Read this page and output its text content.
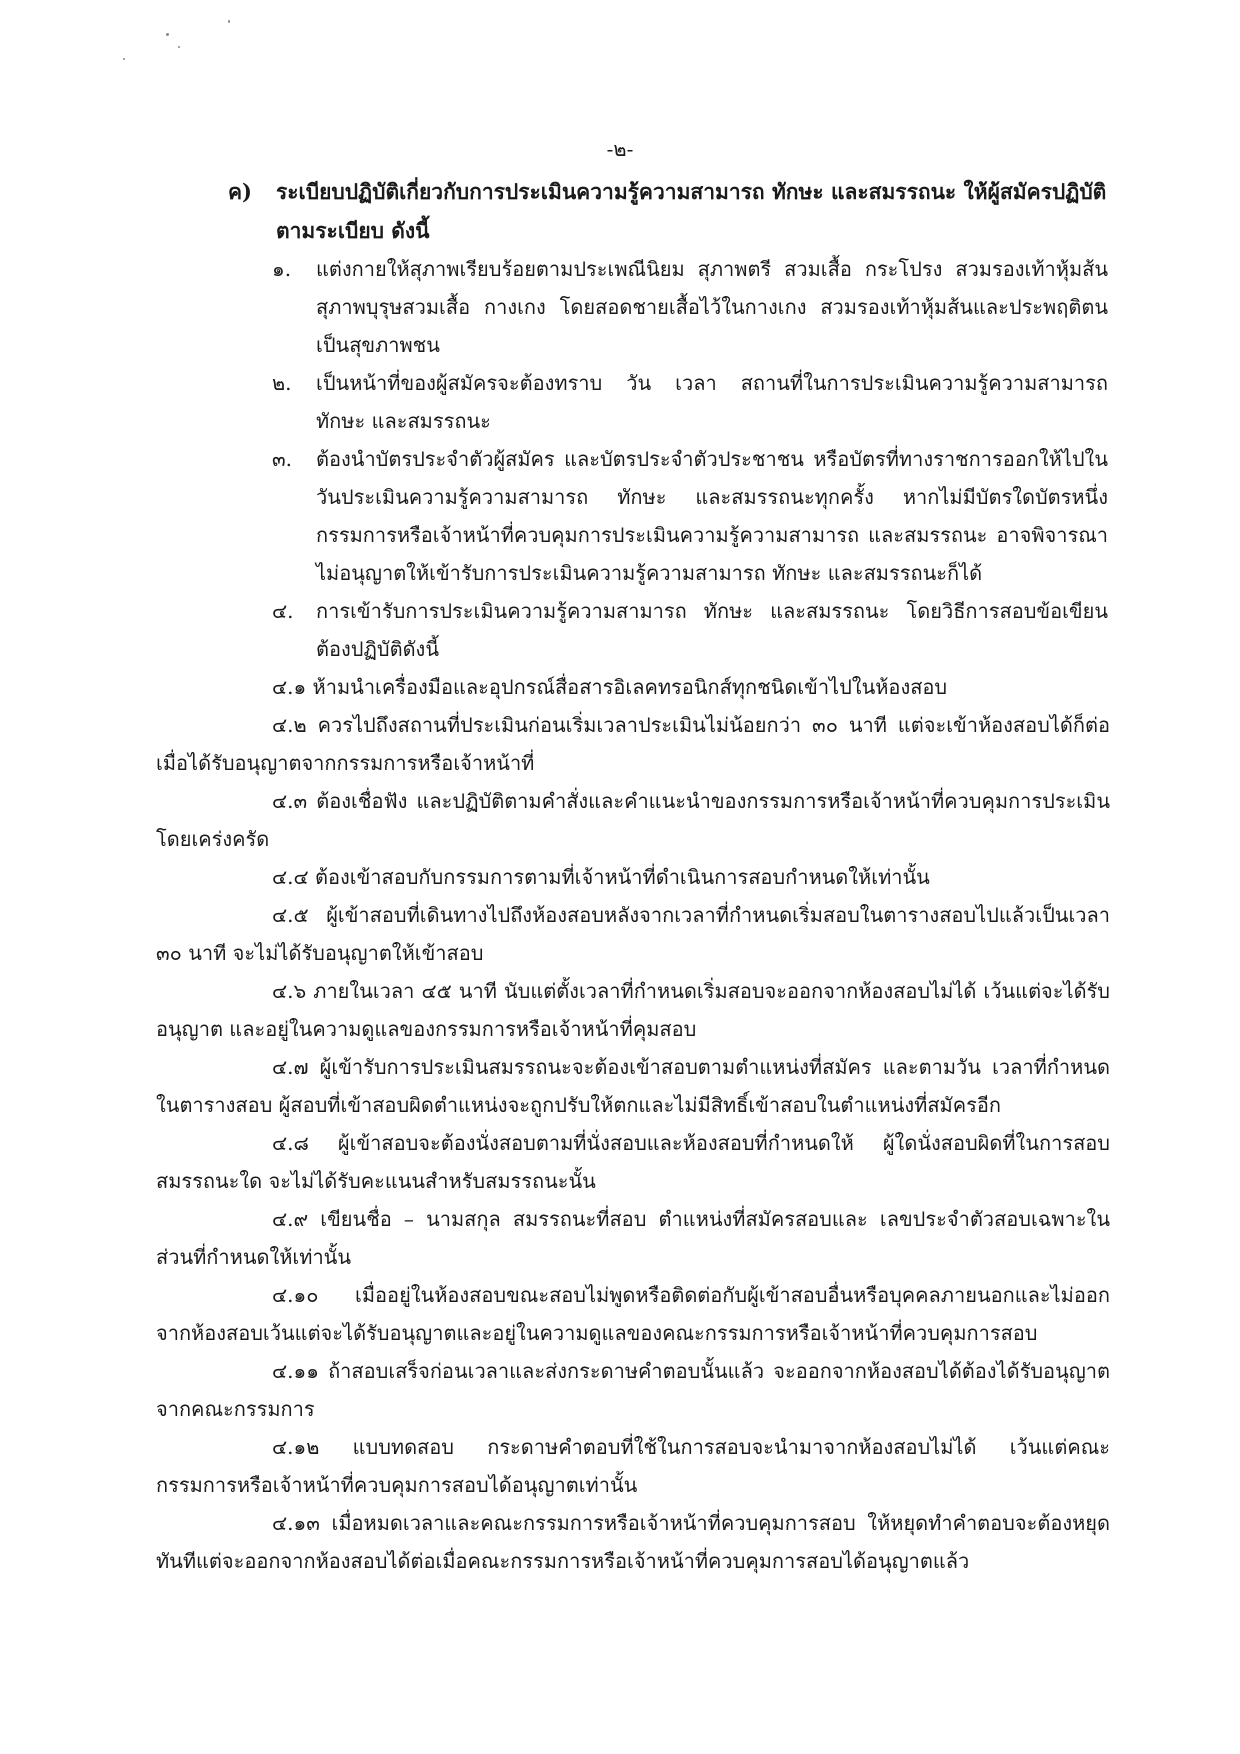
-๒-
ค) ระเบียบปฏิบัติเกี่ยวกับการประเมินความรู้ความสามารถ ทักษะ และสมรรถนะ ให้ผู้สมัครปฏิบัติตามระเบียบ ดังนี้
๑. แต่งกายให้สุภาพเรียบร้อยตามประเพณีนิยม สุภาพตรี สวมเสื้อ กระโปรง สวมรองเท้าหุ้มส้น สุภาพบุรุษสวมเสื้อ กางเกง โดยสอดชายเสื้อไว้ในกางเกง สวมรองเท้าหุ้มส้นและประพฤติตนเป็นสุขภาพชน
๒. เป็นหน้าที่ของผู้สมัครจะต้องทราบ วัน เวลา สถานที่ในการประเมินความรู้ความสามารถ ทักษะ และสมรรถนะ
๓. ต้องนำบัตรประจำตัวผู้สมัคร และบัตรประจำตัวประชาชน หรือบัตรที่ทางราชการออกให้ไปในวันประเมินความรู้ความสามารถ ทักษะ และสมรรถนะทุกครั้ง หากไม่มีบัตรใดบัตรหนึ่ง กรรมการหรือเจ้าหน้าที่ควบคุมการประเมินความรู้ความสามารถ และสมรรถนะ อาจพิจารณาไม่อนุญาตให้เข้ารับการประเมินความรู้ความสามารถ ทักษะ และสมรรถนะก็ได้
๔. การเข้ารับการประเมินความรู้ความสามารถ ทักษะ และสมรรถนะ โดยวิธีการสอบข้อเขียน ต้องปฏิบัติดังนี้
๔.๑ ห้ามนำเครื่องมือและอุปกรณ์สื่อสารอิเลคทรอนิกส์ทุกชนิดเข้าไปในห้องสอบ
๔.๒ ควรไปถึงสถานที่ประเมินก่อนเริ่มเวลาประเมินไม่น้อยกว่า ๓๐ นาที แต่จะเข้าห้องสอบได้ก็ต่อเมื่อได้รับอนุญาตจากกรรมการหรือเจ้าหน้าที่
๔.๓ ต้องเชื่อฟัง และปฏิบัติตามคำสั่งและคำแนะนำของกรรมการหรือเจ้าหน้าที่ควบคุมการประเมินโดยเคร่งครัด
๔.๔ ต้องเข้าสอบกับกรรมการตามที่เจ้าหน้าที่ดำเนินการสอบกำหนดให้เท่านั้น
๔.๕ ผู้เข้าสอบที่เดินทางไปถึงห้องสอบหลังจากเวลาที่กำหนดเริ่มสอบในตารางสอบไปแล้วเป็นเวลา ๓๐ นาที จะไม่ได้รับอนุญาตให้เข้าสอบ
๔.๖ ภายในเวลา ๔๕ นาที นับแต่ตั้งเวลาที่กำหนดเริ่มสอบจะออกจากห้องสอบไม่ได้ เว้นแต่จะได้รับอนุญาต และอยู่ในความดูแลของกรรมการหรือเจ้าหน้าที่คุมสอบ
๔.๗ ผู้เข้ารับการประเมินสมรรถนะจะต้องเข้าสอบตามตำแหน่งที่สมัคร และตามวัน เวลาที่กำหนดในตารางสอบ ผู้สอบที่เข้าสอบผิดตำแหน่งจะถูกปรับให้ตกและไม่มีสิทธิ์เข้าสอบในตำแหน่งที่สมัครอีก
๔.๘ ผู้เข้าสอบจะต้องนั่งสอบตามที่นั่งสอบและห้องสอบที่กำหนดให้ ผู้ใดนั่งสอบผิดที่ในการสอบสมรรถนะใด จะไม่ได้รับคะแนนสำหรับสมรรถนะนั้น
๔.๙ เขียนชื่อ – นามสกุล สมรรถนะที่สอบ ตำแหน่งที่สมัครสอบและ เลขประจำตัวสอบเฉพาะในส่วนที่กำหนดให้เท่านั้น
๔.๑๐ เมื่ออยู่ในห้องสอบขณะสอบไม่พูดหรือติดต่อกับผู้เข้าสอบอื่นหรือบุคคลภายนอกและไม่ออกจากห้องสอบเว้นแต่จะได้รับอนุญาตและอยู่ในความดูแลของคณะกรรมการหรือเจ้าหน้าที่ควบคุมการสอบ
๔.๑๑ ถ้าสอบเสร็จก่อนเวลาและส่งกระดาษคำตอบนั้นแล้ว จะออกจากห้องสอบได้ต้องได้รับอนุญาตจากคณะกรรมการ
๔.๑๒ แบบทดสอบ กระดาษคำตอบที่ใช้ในการสอบจะนำมาจากห้องสอบไม่ได้ เว้นแต่คณะกรรมการหรือเจ้าหน้าที่ควบคุมการสอบได้อนุญาตเท่านั้น
๔.๑๓ เมื่อหมดเวลาและคณะกรรมการหรือเจ้าหน้าที่ควบคุมการสอบ ให้หยุดทำคำตอบจะต้องหยุดทันทีแต่จะออกจากห้องสอบได้ต่อเมื่อคณะกรรมการหรือเจ้าหน้าที่ควบคุมการสอบได้อนุญาตแล้ว
